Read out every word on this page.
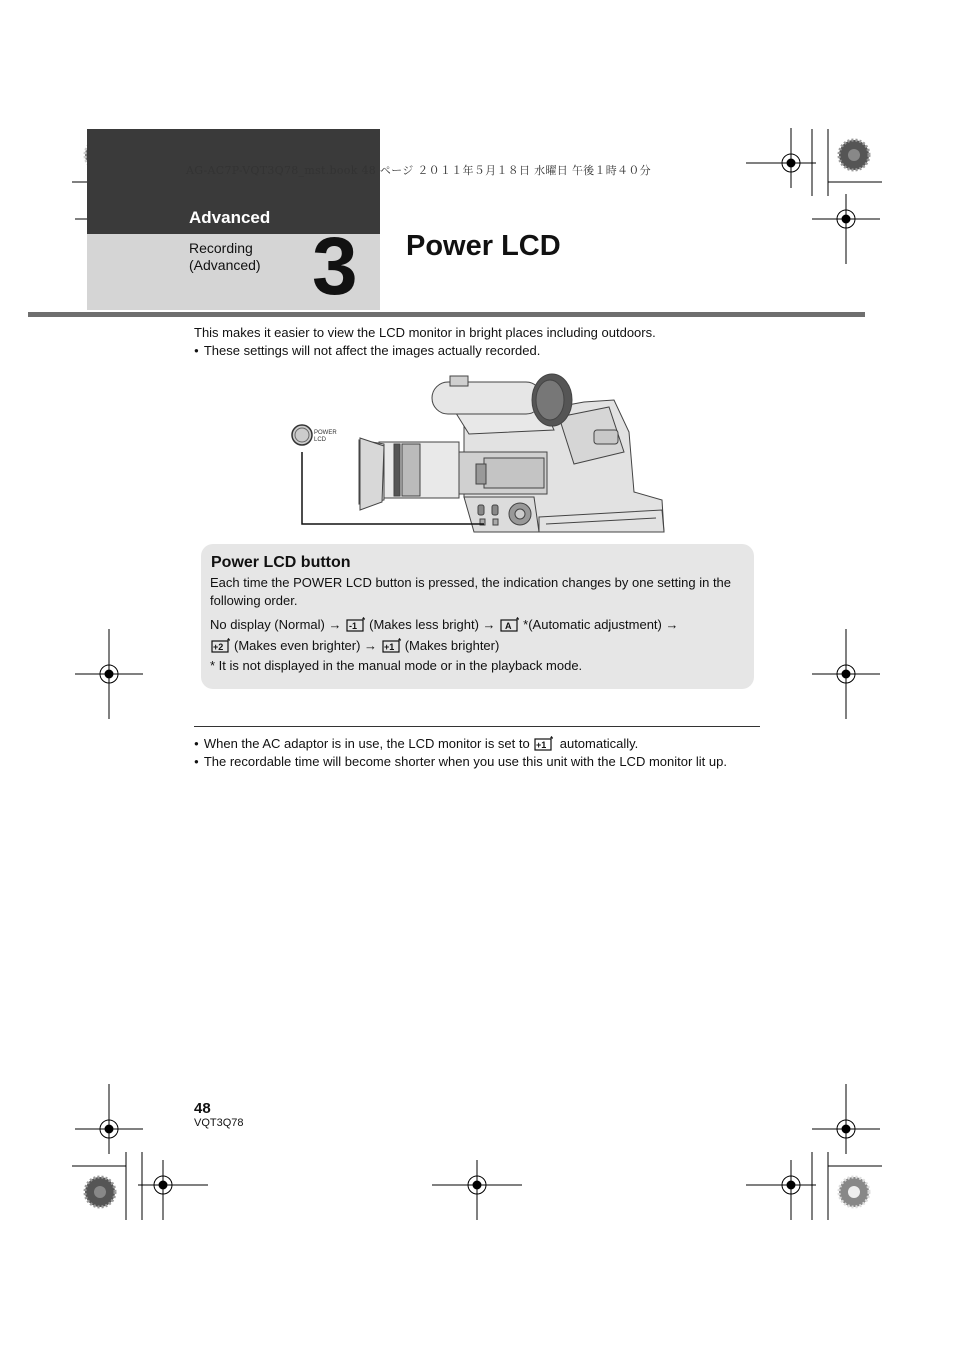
AG-AC7P-VQT3Q78_mst.book 48 ページ ２０１１年５月１８日 水曜日 午後１時４０分
Advanced
Recording
(Advanced) 3 Power LCD
This makes it easier to view the LCD monitor in bright places including outdoors.
● These settings will not affect the images actually recorded.
POWER
LCD
Power LCD button
Each time the POWER LCD button is pressed, the indication changes by one setting in the following order.
No display (Normal) → -1
* (Makes less bright) → A
* *(Automatic adjustment) →

+2
* (Makes even brighter) → +1
* (Makes brighter)
* It is not displayed in the manual mode or in the playback mode.
● When the AC adaptor is in use, the LCD monitor is set to +1
* automatically.
● The recordable time will become shorter when you use this unit with the LCD monitor lit up.
48
VQT3Q78
